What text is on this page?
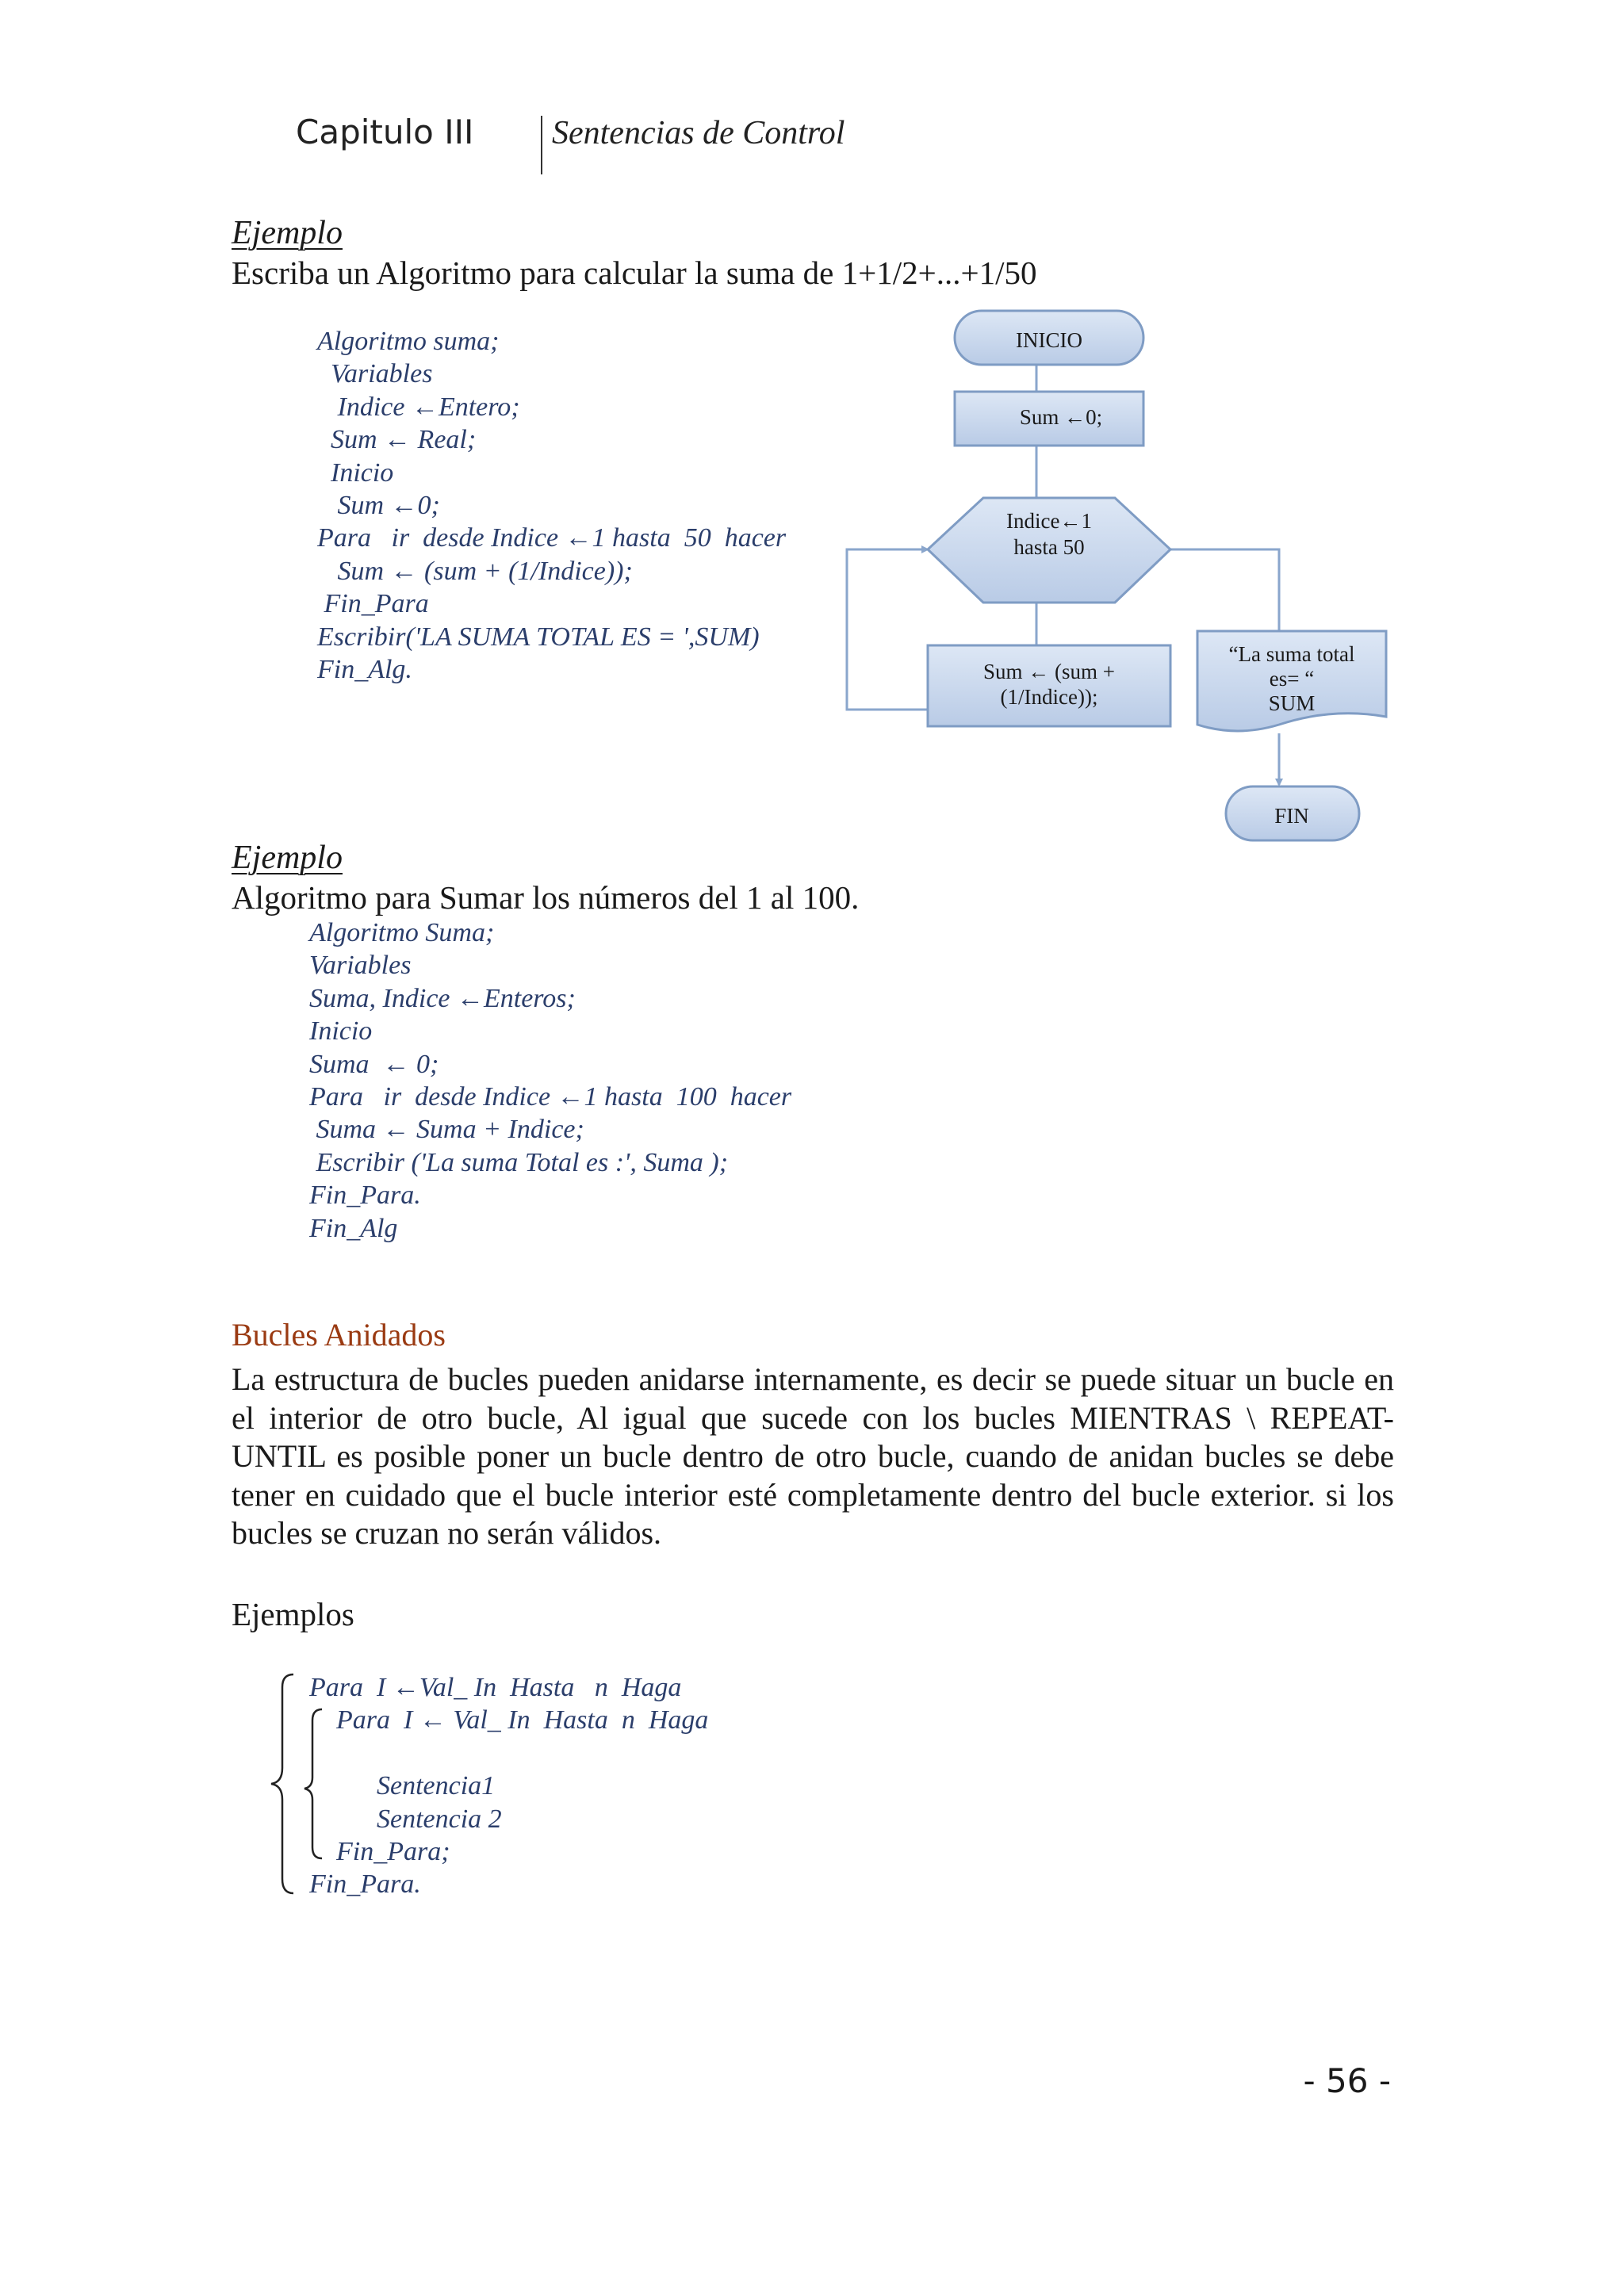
Capitulo III Sentencias de Control
Ejemplo
Escriba un Algoritmo para calcular la suma de 1+1/2+...+1/50
Algoritmo suma;
Variables
Indice ←Entero;
Sum ← Real;
Inicio
Sum ←0;
Para   ir  desde Indice ←1 hasta  50  hacer
Sum ← (sum + (1/Indice));
Fin_Para
Escribir('LA SUMA TOTAL ES = ',SUM)
Fin_Alg.
INICIO
Sum ←0;
Indice←1
hasta 50
Sum ← (sum +
(1/Indice));
“La suma total
es= “
SUM
FIN
Ejemplo
Algoritmo para Sumar los números del 1 al 100.
Algoritmo Suma;
Variables
Suma, Indice ←Enteros;
Inicio
Suma  ← 0;
Para   ir  desde Indice ←1 hasta  100  hacer
Suma ← Suma + Indice;
Escribir ('La suma Total es :', Suma );
Fin_Para.
Fin_Alg
Bucles Anidados
La estructura de bucles pueden anidarse internamente, es decir se puede situar un bucle en el interior de otro bucle, Al igual que sucede con los bucles MIENTRAS \ REPEAT-UNTIL es posible poner un bucle dentro de otro bucle, cuando de anidan bucles se debe tener en cuidado que el bucle interior esté completamente dentro del bucle exterior. si los bucles se cruzan no serán válidos.
Ejemplos
Para  I ←Val_ In  Hasta   n  Haga
Para  I ← Val_ In  Hasta  n  Haga
Sentencia1
Sentencia 2
Fin_Para;
Fin_Para.
- 56 -
